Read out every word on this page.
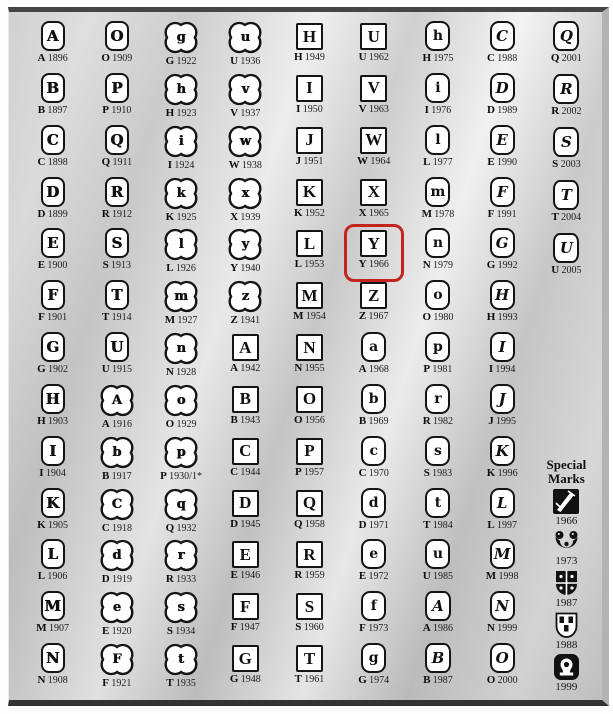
A
A 1896
B
B 1897
C
C 1898
D
D 1899
E
E 1900
F
F 1901
G
G 1902
H
H 1903
I
I 1904
K
K 1905
L
L 1906
M
M 1907
N
N 1908
O
O 1909
P
P 1910
Q
Q 1911
R
R 1912
S
S 1913
T
T 1914
U
U 1915
A
A 1916
b
B 1917
C
C 1918
d
D 1919
e
E 1920
F
F 1921
g
G 1922
h
H 1923
i
I 1924
k
K 1925
l
L 1926
m
M 1927
n
N 1928
o
O 1929
p
P 1930/1*
q
Q 1932
r
R 1933
s
S 1934
t
T 1935
u
U 1936
v
V 1937
w
W 1938
x
X 1939
y
Y 1940
z
Z 1941
A
A 1942
B
B 1943
C
C 1944
D
D 1945
E
E 1946
F
F 1947
G
G 1948
H
H 1949
I
I 1950
J
J 1951
K
K 1952
L
L 1953
M
M 1954
N
N 1955
O
O 1956
P
P 1957
Q
Q 1958
R
R 1959
S
S 1960
T
T 1961
U
U 1962
V
V 1963
W
W 1964
X
X 1965
Y
Y 1966
Z
Z 1967
a
A 1968
b
B 1969
c
C 1970
d
D 1971
e
E 1972
f
F 1973
g
G 1974
h
H 1975
i
I 1976
l
L 1977
m
M 1978
n
N 1979
o
O 1980
p
P 1981
r
R 1982
s
S 1983
t
T 1984
u
U 1985
A
A 1986
B
B 1987
C
C 1988
D
D 1989
E
E 1990
F
F 1991
G
G 1992
H
H 1993
I
I 1994
J
J 1995
K
K 1996
L
L 1997
M
M 1998
N
N 1999
O
O 2000
Q
Q 2001
R
R 2002
S
S 2003
T
T 2004
U
U 2005
Special Marks
1966
1973
1987
1988
1999
